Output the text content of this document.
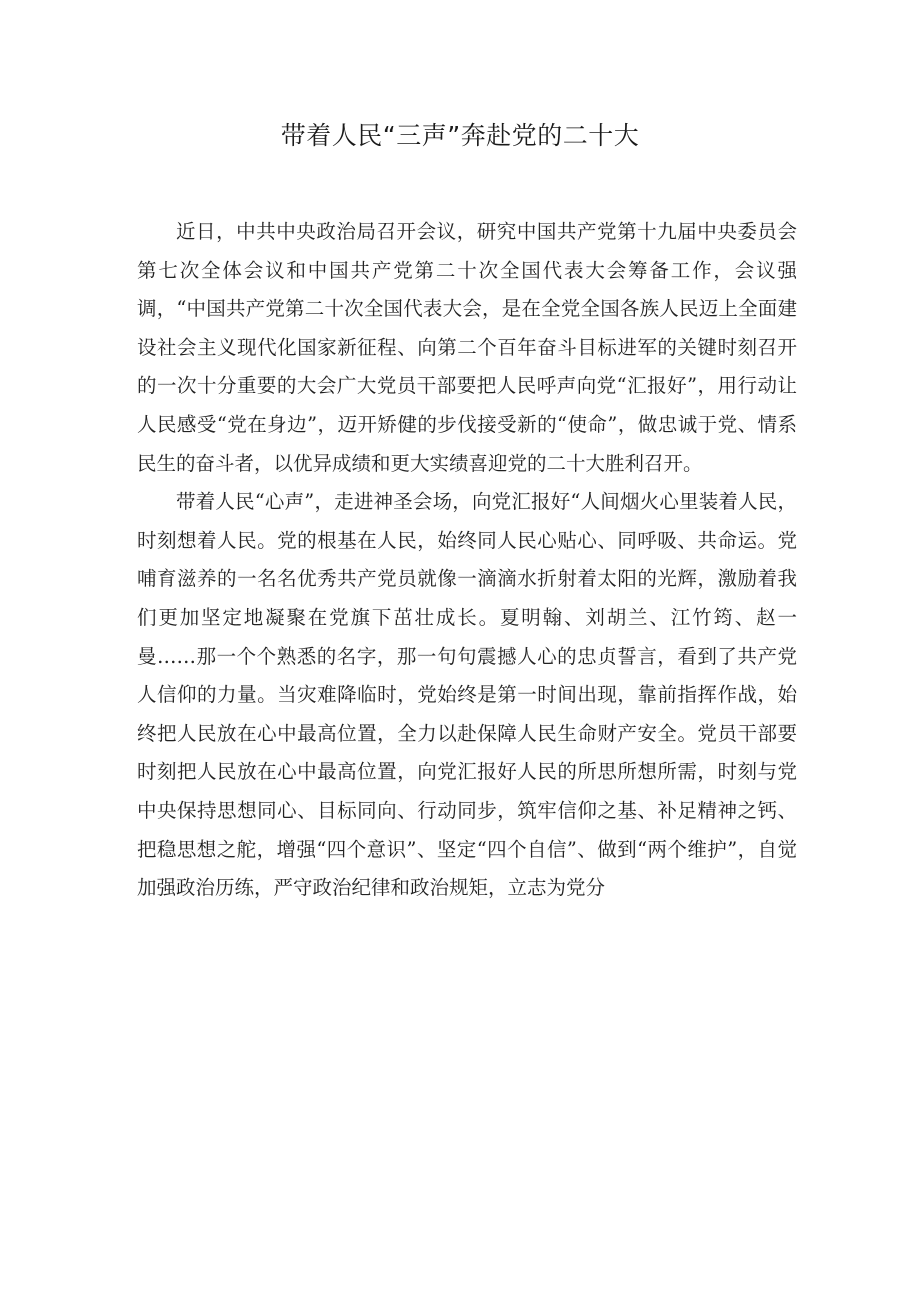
带着人民“三声”奔赴党的二十大

近日，中共中央政治局召开会议，研究中国共产党第十九届中央委员会第七次全体会议和中国共产党第二十次全国代表大会筹备工作，会议强调，“中国共产党第二十次全国代表大会，是在全党全国各族人民迈上全面建设社会主义现代化国家新征程、向第二个百年奋斗目标进军的关键时刻召开的一次十分重要的大会广大党员干部要把人民呼声向党“汇报好”，用行动让人民感受“党在身边”，迈开矫健的步伐接受新的“使命”，做忠诚于党、情系民生的奋斗者，以优异成绩和更大实绩喜迎党的二十大胜利召开。

带着人民“心声”，走进神圣会场，向党汇报好“人间烟火心里装着人民，时刻想着人民。党的根基在人民，始终同人民心贴心、同呼吸、共命运。党哺育滋养的一名名优秀共产党员就像一滴滴水折射着太阳的光辉，激励着我们更加坚定地凝聚在党旗下茁壮成长。夏明翰、刘胡兰、江竹筠、赵一曼……那一个个熟悉的名字，那一句句震撼人心的忠贞誓言，看到了共产党人信仰的力量。当灾难降临时，党始终是第一时间出现，靠前指挥作战，始终把人民放在心中最高位置，全力以赴保障人民生命财产安全。党员干部要时刻把人民放在心中最高位置，向党汇报好人民的所思所想所需，时刻与党中央保持思想同心、目标同向、行动同步，筑牢信仰之基、补足精神之钙、把稳思想之舵，增强“四个意识”、坚定“四个自信”、做到“两个维护”，自觉加强政治历练，严守政治纪律和政治规矩，立志为党分
